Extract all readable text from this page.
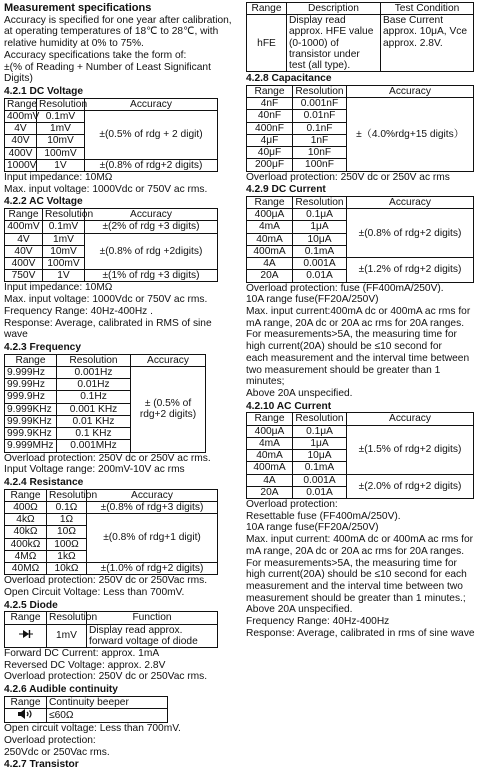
Measurement specifications

Accuracy is specified for one year after calibration,

at operating temperatures of 18℃ to 28℃, with

relative humidity at 0% to 75%.

Accuracy specifications take the form of:

±(% of Reading + Number of Least Significant Digits)

4.2.1 DC Voltage
Range	Resolution	Accuracy
400mV	0.1mV	±(0.5% of rdg + 2 digit)
4V	1mV	
40V	10mV	
400V	100mV	
1000V	1V	±(0.8% of rdg+2 digits)

Input impedance: 10MΩ

Max. input voltage: 1000Vdc or 750V ac rms.

4.2.2 AC Voltage
Range	Resolution	Accuracy
400mV	0.1mV	±(2% of rdg +3 digits)
4V	1mV	±(0.8% of rdg +2digits)
40V	10mV	
400V	100mV	
750V	1V	±(1% of rdg +3 digits)

Input impedance: 10MΩ

Max. input voltage: 1000Vdc or 750V ac rms.

Frequency Range: 40Hz-400Hz .

Response: Average, calibrated in RMS of sine wave

4.2.3 Frequency
Range	Resolution	Accuracy
9.999Hz	0.001Hz	± (0.5% of rdg+2 digits)
99.99Hz	0.01Hz	
999.9Hz	0.1Hz	
9.999KHz	0.001 KHz	
99.99KHz	0.01 KHz	
999.9KHz	0.1 KHz	
9.999MHz	0.001MHz	

Overload protection: 250V dc or 250V ac rms.

Input Voltage range: 200mV-10V ac rms

4.2.4 Resistance
Range	Resolution	Accuracy
400Ω	0.1Ω	±(0.8% of rdg+3 digits)
4kΩ	1Ω	±(0.8% of rdg+1 digit)
40kΩ	10Ω	
400kΩ	100Ω	
4MΩ	1kΩ	
40MΩ	10kΩ	±(1.0% of rdg+2 digits)

Overload protection: 250V dc or 250Vac rms.

Open Circuit Voltage: Less than 700mV.

4.2.5 Diode
Range	Resolution	Function
	1mV	Display read approx. forward voltage of diode

Forward DC Current: approx. 1mA

Reversed DC Voltage: approx. 2.8V

Overload protection: 250V dc or 250Vac rms.

4.2.6 Audible continuity
Range	Continuity beeper
	≤60Ω

Open circuit voltage: Less than 700mV.

Overload protection:

250Vdc or 250Vac rms.

4.2.7 Transistor
Range	Description	Test Condition
hFE	Display read approx. HFE value (0-1000) of transistor under test (all type).	Base Current approx. 10μA, Vce approx. 2.8V.
4.2.8 Capacitance
Range	Resolution	Accuracy
4nF	0.001nF	±（4.0%rdg+15 digits）
40nF	0.01nF	
400nF	0.1nF	
4μF	1nF	
40μF	10nF	
200μF	100nF	

Overload protection: 250V dc or 250V ac rms

4.2.9 DC Current
Range	Resolution	Accuracy
400μA	0.1μA	±(0.8% of rdg+2 digits)
4mA	1μA	
40mA	10μA	
400mA	0.1mA	
4A	0.001A	±(1.2% of rdg+2 digits)
20A	0.01A	

Overload protection: fuse (FF400mA/250V).

10A range fuse(FF20A/250V)

Max. input current:400mA dc or 400mA ac rms for

mA range, 20A dc or 20A ac rms for 20A ranges.

For measurements>5A, the measuring time for

high current(20A) should be ≤10 second for

each measurement and the interval time between

two measurement should be greater than 1 minutes;

Above 20A unspecified.

4.2.10 AC Current
Range	Resolution	Accuracy
400μA	0.1μA	±(1.5% of rdg+2 digits)
4mA	1μA	
40mA	10μA	
400mA	0.1mA	
4A	0.001A	±(2.0% of rdg+2 digits)
20A	0.01A	

Overload protection:

Resettable fuse (FF400mA/250V).

10A range fuse(FF20A/250V)

Max. input current: 400mA dc or 400mA ac rms for

mA range, 20A dc or 20A ac rms for 20A ranges.

For measurements>5A, the measuring time for

high current(20A) should be ≤10 second for each

measurement and the interval time between two

measurement should be greater than 1 minutes.;

Above 20A unspecified.

Frequency Range: 40Hz-400Hz

Response: Average, calibrated in rms of sine wave
